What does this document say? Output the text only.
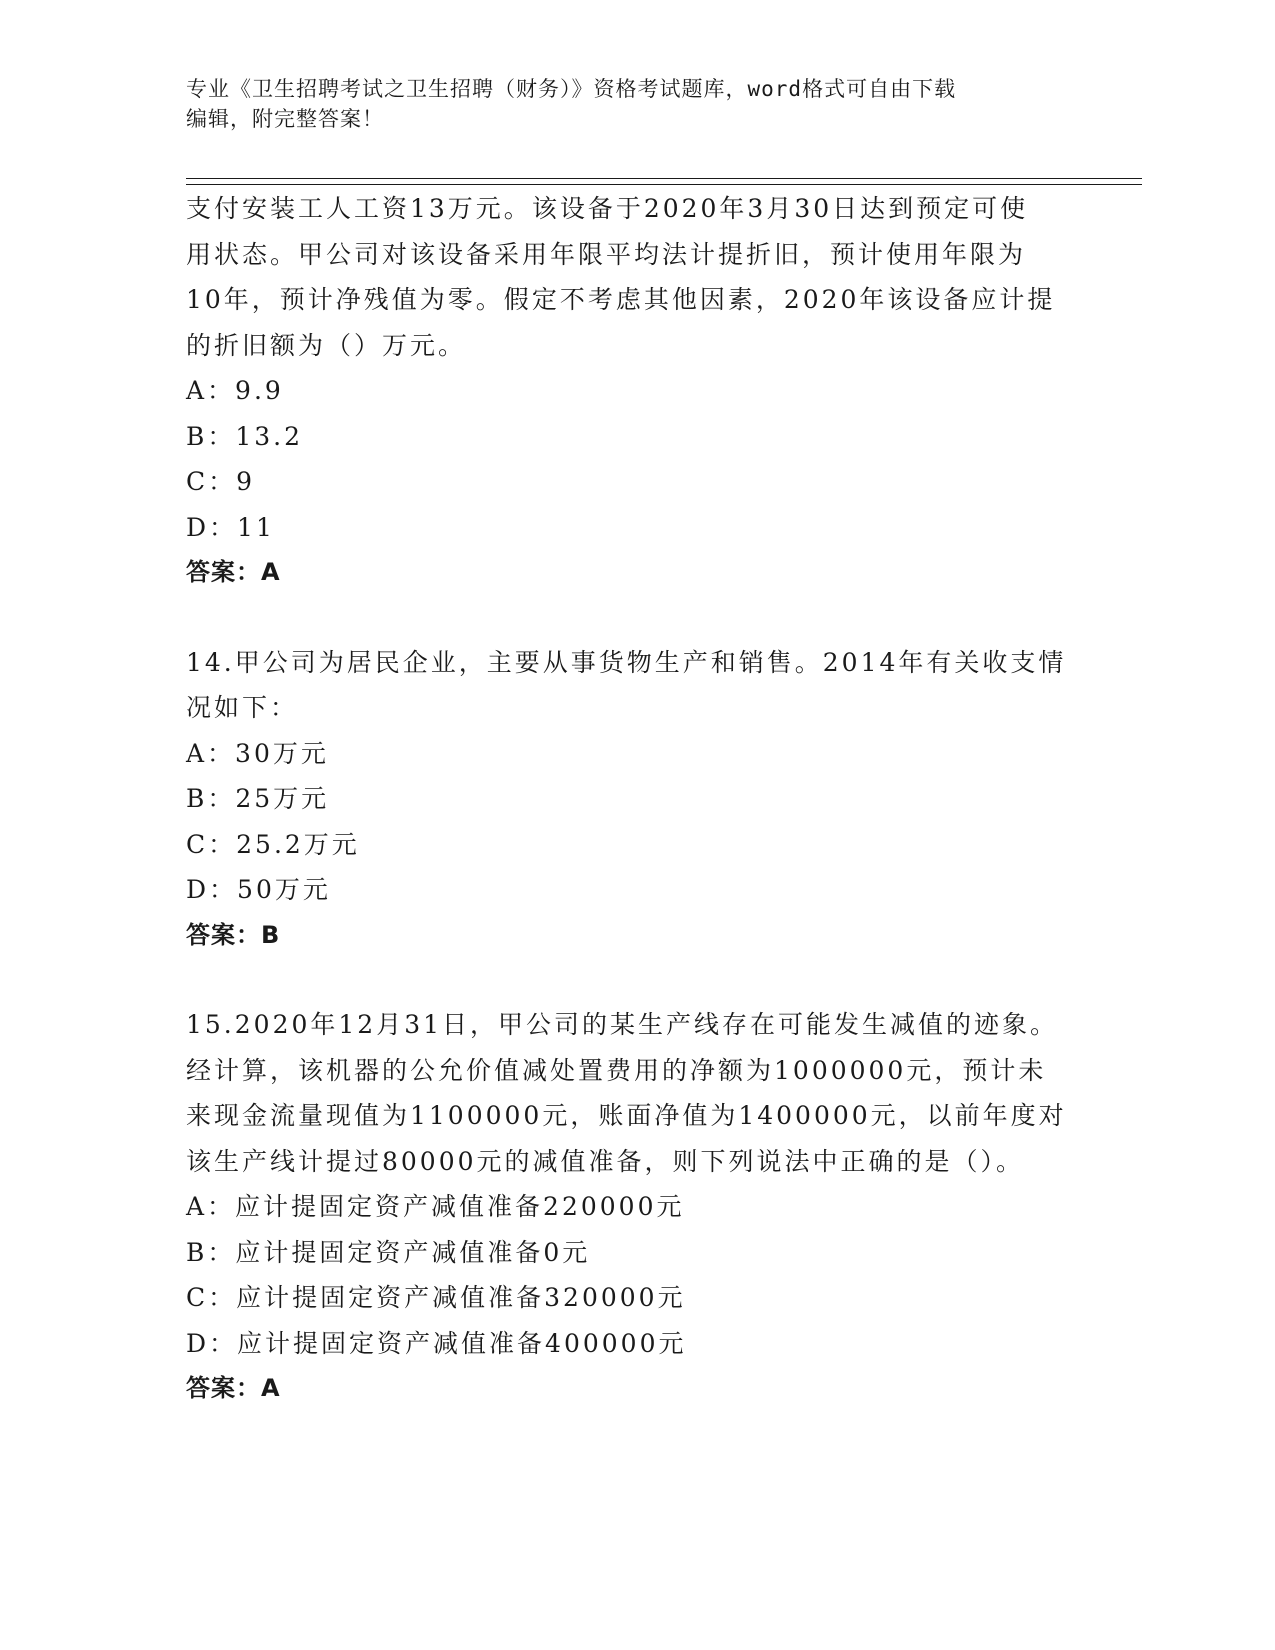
专业《卫生招聘考试之卫生招聘（财务）》资格考试题库，word格式可自由下载
编辑，附完整答案！
支付安装工人工资13万元。该设备于2020年3月30日达到预定可使
用状态。甲公司对该设备采用年限平均法计提折旧，预计使用年限为
10年，预计净残值为零。假定不考虑其他因素，2020年该设备应计提
的折旧额为（）万元。
A：9.9
B：13.2
C：9
D：11
答案：A
14.甲公司为居民企业，主要从事货物生产和销售。2014年有关收支情
况如下：
A：30万元
B：25万元
C：25.2万元
D：50万元
答案：B
15.2020年12月31日，甲公司的某生产线存在可能发生减值的迹象。
经计算，该机器的公允价值减处置费用的净额为1000000元，预计未
来现金流量现值为1100000元，账面净值为1400000元，以前年度对
该生产线计提过80000元的减值准备，则下列说法中正确的是（）。
A：应计提固定资产减值准备220000元
B：应计提固定资产减值准备0元
C：应计提固定资产减值准备320000元
D：应计提固定资产减值准备400000元
答案：A
